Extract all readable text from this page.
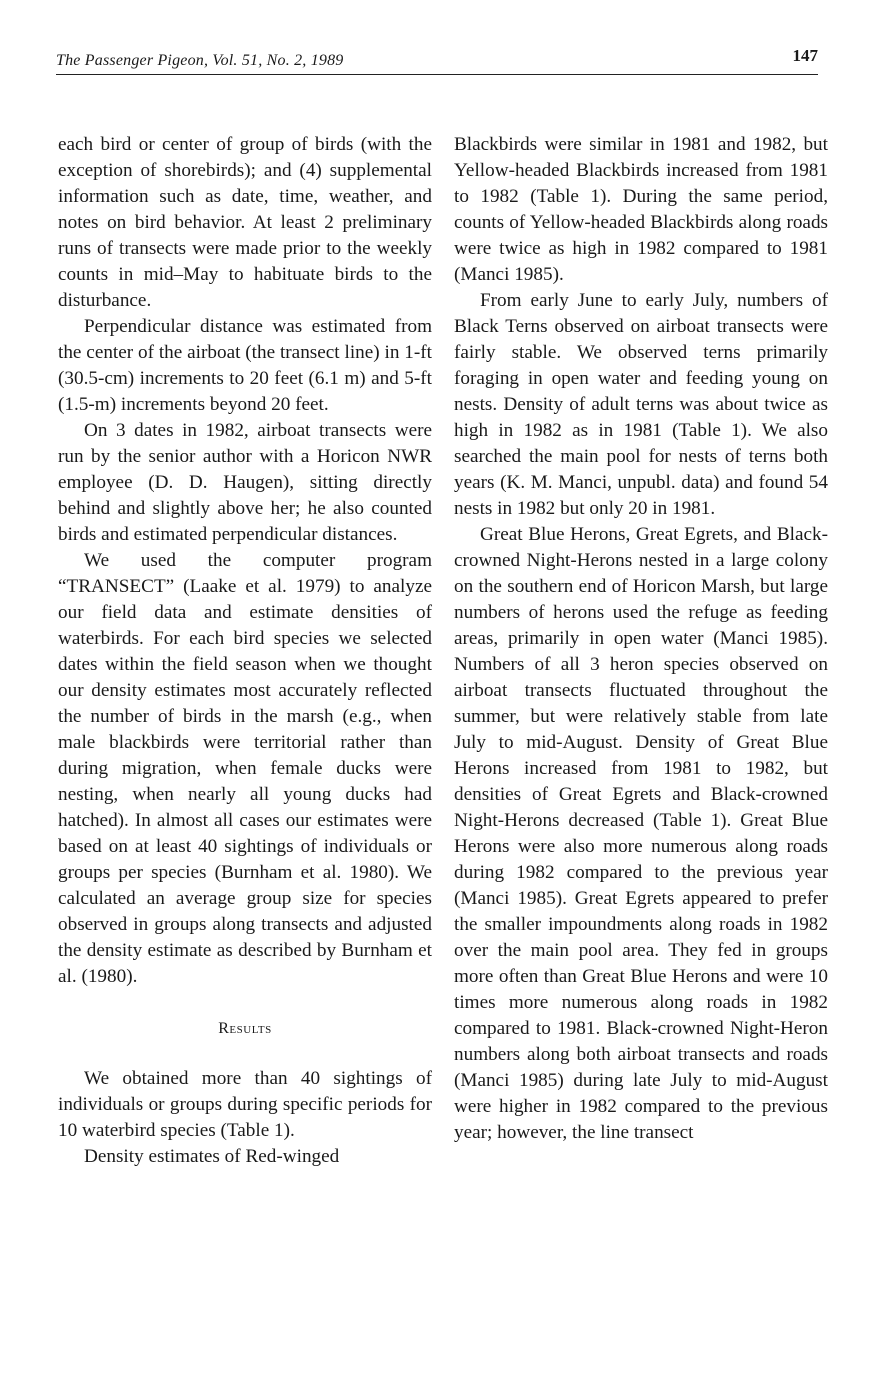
The Passenger Pigeon, Vol. 51, No. 2, 1989	147

each bird or center of group of birds (with the exception of shorebirds); and (4) supplemental information such as date, time, weather, and notes on bird behavior. At least 2 preliminary runs of transects were made prior to the weekly counts in mid–May to habituate birds to the disturbance.

Perpendicular distance was estimated from the center of the airboat (the transect line) in 1-ft (30.5-cm) increments to 20 feet (6.1 m) and 5-ft (1.5-m) increments beyond 20 feet.

On 3 dates in 1982, airboat transects were run by the senior author with a Horicon NWR employee (D. D. Haugen), sitting directly behind and slightly above her; he also counted birds and estimated perpendicular distances.

We used the computer program “TRANSECT” (Laake et al. 1979) to analyze our field data and estimate densities of waterbirds. For each bird species we selected dates within the field season when we thought our density estimates most accurately reflected the number of birds in the marsh (e.g., when male blackbirds were territorial rather than during migration, when female ducks were nesting, when nearly all young ducks had hatched). In almost all cases our estimates were based on at least 40 sightings of individuals or groups per species (Burnham et al. 1980). We calculated an average group size for species observed in groups along transects and adjusted the density estimate as described by Burnham et al. (1980).

Results

We obtained more than 40 sightings of individuals or groups during specific periods for 10 waterbird species (Table 1).

Density estimates of Red-winged

Blackbirds were similar in 1981 and 1982, but Yellow-headed Blackbirds increased from 1981 to 1982 (Table 1). During the same period, counts of Yellow-headed Blackbirds along roads were twice as high in 1982 compared to 1981 (Manci 1985).

From early June to early July, numbers of Black Terns observed on airboat transects were fairly stable. We observed terns primarily foraging in open water and feeding young on nests. Density of adult terns was about twice as high in 1982 as in 1981 (Table 1). We also searched the main pool for nests of terns both years (K. M. Manci, unpubl. data) and found 54 nests in 1982 but only 20 in 1981.

Great Blue Herons, Great Egrets, and Black-crowned Night-Herons nested in a large colony on the southern end of Horicon Marsh, but large numbers of herons used the refuge as feeding areas, primarily in open water (Manci 1985). Numbers of all 3 heron species observed on airboat transects fluctuated throughout the summer, but were relatively stable from late July to mid-August. Density of Great Blue Herons increased from 1981 to 1982, but densities of Great Egrets and Black-crowned Night-Herons decreased (Table 1). Great Blue Herons were also more numerous along roads during 1982 compared to the previous year (Manci 1985). Great Egrets appeared to prefer the smaller impoundments along roads in 1982 over the main pool area. They fed in groups more often than Great Blue Herons and were 10 times more numerous along roads in 1982 compared to 1981. Black-crowned Night-Heron numbers along both airboat transects and roads (Manci 1985) during late July to mid-August were higher in 1982 compared to the previous year; however, the line transect
